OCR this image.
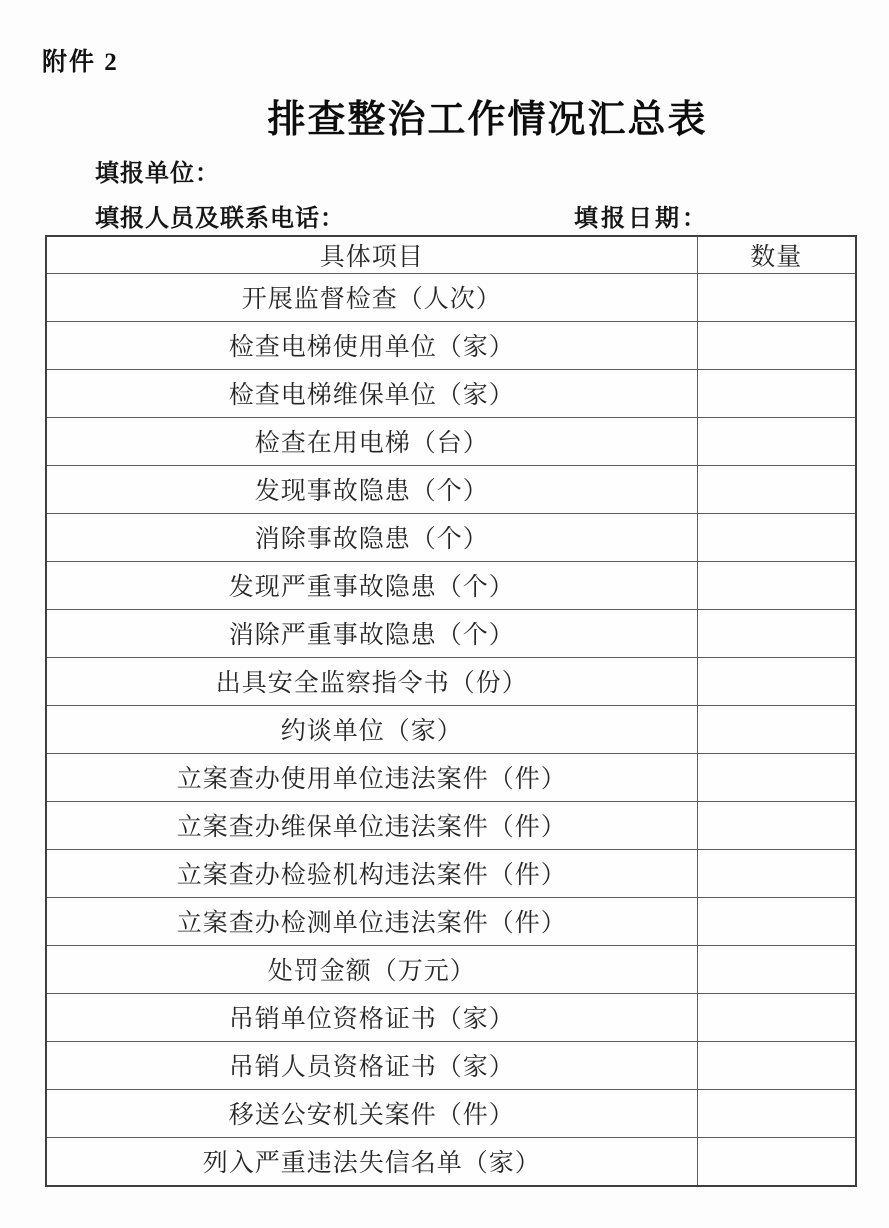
附件 2
排查整治工作情况汇总表
填报单位：
填报人员及联系电话：	填报日期：
具体项目	数量
开展监督检查（人次）	
检查电梯使用单位（家）	
检查电梯维保单位（家）	
检查在用电梯（台）	
发现事故隐患（个）	
消除事故隐患（个）	
发现严重事故隐患（个）	
消除严重事故隐患（个）	
出具安全监察指令书（份）	
约谈单位（家）	
立案查办使用单位违法案件（件）	
立案查办维保单位违法案件（件）	
立案查办检验机构违法案件（件）	
立案查办检测单位违法案件（件）	
处罚金额（万元）	
吊销单位资格证书（家）	
吊销人员资格证书（家）	
移送公安机关案件（件）	
列入严重违法失信名单（家）	
